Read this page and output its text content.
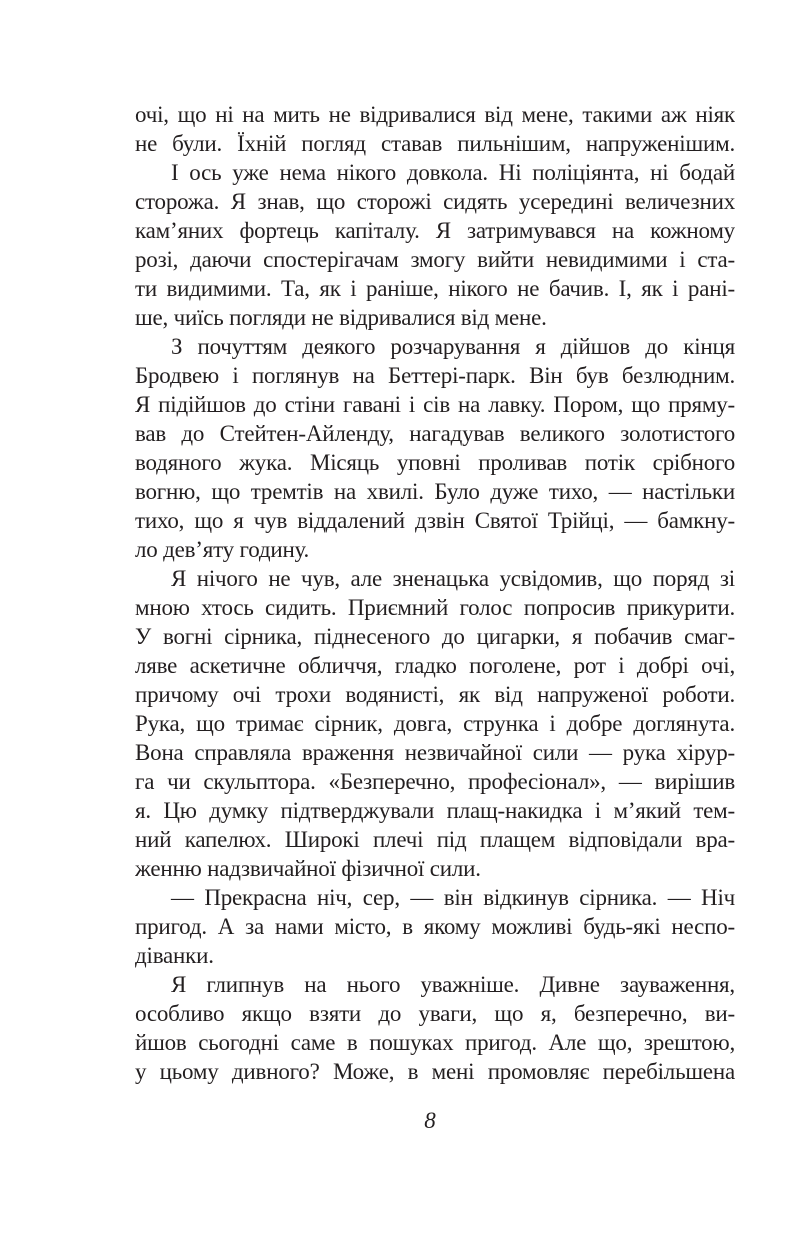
очі, що ні на мить не відривалися від мене, такими аж ніяк
не були. Їхній погляд ставав пильнішим, напруженішим.
І ось уже нема нікого довкола. Ні поліціянта, ні бодай
сторожа. Я знав, що сторожі сидять усередині величезних
кам’яних фортець капіталу. Я затримувався на кожному
розі, даючи спостерігачам змогу вийти невидимими і ста-
ти видимими. Та, як і раніше, нікого не бачив. І, як і рані-
ше, чиїсь погляди не відривалися від мене.
З почуттям деякого розчарування я дійшов до кінця
Бродвею і поглянув на Беттері-парк. Він був безлюдним.
Я підійшов до стіни гавані і сів на лавку. Пором, що пряму-
вав до Стейтен-Айленду, нагадував великого золотистого
водяного жука. Місяць уповні проливав потік срібного
вогню, що тремтів на хвилі. Було дуже тихо, — настільки
тихо, що я чув віддалений дзвін Святої Трійці, — бамкну-
ло дев’яту годину.
Я нічого не чув, але зненацька усвідомив, що поряд зі
мною хтось сидить. Приємний голос попросив прикурити.
У вогні сірника, піднесеного до цигарки, я побачив смаг-
ляве аскетичне обличчя, гладко поголене, рот і добрі очі,
причому очі трохи водянисті, як від напруженої роботи.
Рука, що тримає сірник, довга, струнка і добре доглянута.
Вона справляла враження незвичайної сили — рука хірур-
га чи скульптора. «Безперечно, професіонал», — вирішив
я. Цю думку підтверджували плащ-накидка і м’який тем-
ний капелюх. Широкі плечі під плащем відповідали вра-
женню надзвичайної фізичної сили.
— Прекрасна ніч, сер, — він відкинув сірника. — Ніч
пригод. А за нами місто, в якому можливі будь-які неспо-
діванки.
Я глипнув на нього уважніше. Дивне зауваження,
особливо якщо взяти до уваги, що я, безперечно, ви-
йшов сьогодні саме в пошуках пригод. Але що, зрештою,
у цьому дивного? Може, в мені промовляє перебільшена
8
